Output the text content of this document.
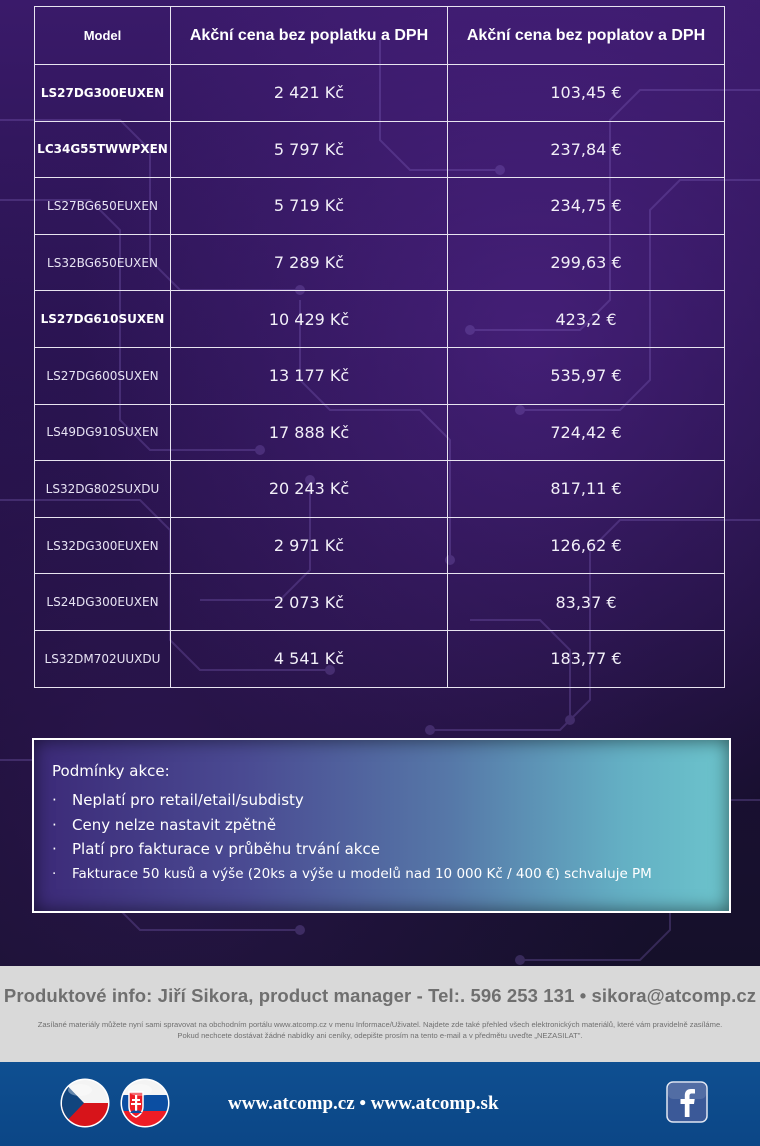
Model	Akční cena bez poplatku a DPH	Akční cena bez poplatov a DPH
LS27DG300EUXEN	2 421 Kč	103,45 €
LC34G55TWWPXEN	5 797 Kč	237,84 €
LS27BG650EUXEN	5 719 Kč	234,75 €
LS32BG650EUXEN	7 289 Kč	299,63 €
LS27DG610SUXEN	10 429 Kč	423,2 €
LS27DG600SUXEN	13 177 Kč	535,97 €
LS49DG910SUXEN	17 888 Kč	724,42 €
LS32DG802SUXDU	20 243 Kč	817,11 €
LS32DG300EUXEN	2 971 Kč	126,62 €
LS24DG300EUXEN	2 073 Kč	83,37 €
LS32DM702UUXDU	4 541 Kč	183,77 €
Podmínky akce:
·	Neplatí pro retail/etail/subdisty
·	Ceny nelze nastavit zpětně
·	Platí pro fakturace v průběhu trvání akce
·	Fakturace 50 kusů a výše (20ks a výše u modelů nad 10 000 Kč / 400 €) schvaluje PM
Produktové info: Jiří Sikora, product manager - Tel:. 596 253 131 • sikora@atcomp.cz
Zasílané materiály můžete nyní sami spravovat na obchodním portálu www.atcomp.cz v menu Informace/Uživatel. Najdete zde také přehled všech elektronických materiálů, které vám pravidelně zasíláme. Pokud nechcete dostávat žádné nabídky ani ceníky, odepište prosím na tento e-mail a v předmětu uveďte „NEZASILAT".
www.atcomp.cz • www.atcomp.sk
